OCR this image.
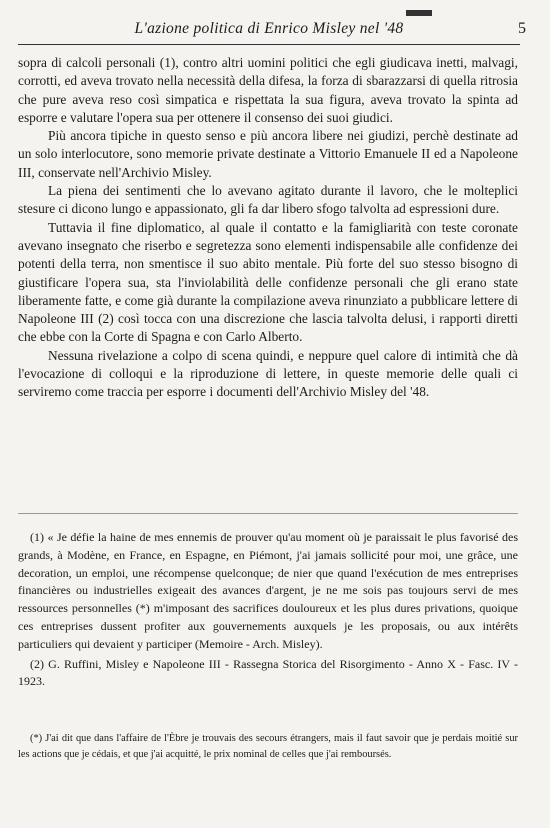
L'azione politica di Enrico Misley nel '48	5

sopra di calcoli personali (1), contro altri uomini politici che egli giudicava inetti, malvagi, corrotti, ed aveva trovato nella necessità della difesa, la forza di sbarazzarsi di quella ritrosia che pure aveva reso così simpatica e rispettata la sua figura, aveva trovato la spinta ad esporre e valutare l'opera sua per ottenere il consenso dei suoi giudici.

Più ancora tipiche in questo senso e più ancora libere nei giudizi, perchè destinate ad un solo interlocutore, sono memorie private destinate a Vittorio Emanuele II ed a Napoleone III, conservate nell'Archivio Misley.

La piena dei sentimenti che lo avevano agitato durante il lavoro, che le molteplici stesure ci dicono lungo e appassionato, gli fa dar libero sfogo talvolta ad espressioni dure.

Tuttavia il fine diplomatico, al quale il contatto e la famigliarità con teste coronate avevano insegnato che riserbo e segretezza sono elementi indispensabile alle confidenze dei potenti della terra, non smentisce il suo abito mentale. Più forte del suo stesso bisogno di giustificare l'opera sua, sta l'inviolabilità delle confidenze personali che gli erano state liberamente fatte, e come già durante la compilazione aveva rinunziato a pubblicare lettere di Napoleone III (2) così tocca con una discrezione che lascia talvolta delusi, i rapporti diretti che ebbe con la Corte di Spagna e con Carlo Alberto.

Nessuna rivelazione a colpo di scena quindi, e neppure quel calore di intimità che dà l'evocazione di colloqui e la riproduzione di lettere, in queste memorie delle quali ci serviremo come traccia per esporre i documenti dell'Archivio Misley del '48.

(1) « Je défie la haine de mes ennemis de prouver qu'au moment où je paraissait le plus favorisé des grands, à Modène, en France, en Espagne, en Piémont, j'ai jamais sollicité pour moi, une grâce, une decoration, un emploi, une récompense quelconque; de nier que quand l'exécution de mes entreprises financières ou industrielles exigeait des avances d'argent, je ne me sois pas toujours servi de mes ressources personnelles (*) m'imposant des sacrifices douloureux et les plus dures privations, quoique ces entreprises dussent profiter aux gouvernements auxquels je les proposais, ou aux intérêts particuliers qui devaient y participer (Memoire - Arch. Misley).

(2) G. Ruffini, Misley e Napoleone III - Rassegna Storica del Risorgimento - Anno X - Fasc. IV - 1923.

(*) J'ai dit que dans l'affaire de l'Èbre je trouvais des secours étrangers, mais il faut savoir que je perdais moitié sur les actions que je cédais, et que j'ai acquitté, le prix nominal de celles que j'ai remboursés.
